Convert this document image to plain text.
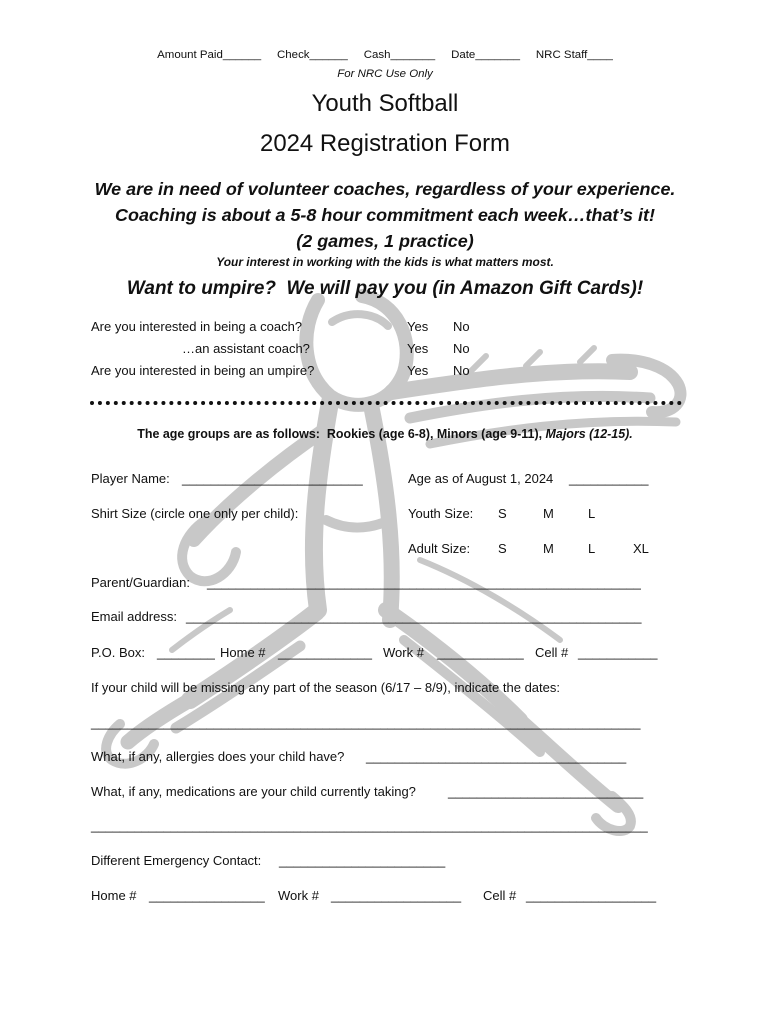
Amount Paid______     Check______     Cash_______     Date_______     NRC Staff____
For NRC Use Only
Youth Softball
2024 Registration Form
We are in need of volunteer coaches, regardless of your experience.
Coaching is about a 5-8 hour commitment each week…that’s it!
(2 games, 1 practice)
Your interest in working with the kids is what matters most.
Want to umpire?  We will pay you (in Amazon Gift Cards)!
Are you interested in being a coach?	Yes No
…an assistant coach?	Yes No
Are you interested in being an umpire?	Yes No
The age groups are as follows:  Rookies (age 6-8), Minors (age 9-11), Majors (12-15).
Player Name: _________________________	Age as of August 1, 2024 ___________
Shirt Size (circle one only per child):	Youth Size: S	M	L
Adult Size: S	M	L	XL
Parent/Guardian: ____________________________________________________________
Email address: _______________________________________________________________
P.O. Box: ________ Home # _____________ Work # ____________ Cell # ___________
If your child will be missing any part of the season (6/17 – 8/9), indicate the dates:
____________________________________________________________________________
What, if any, allergies does your child have? ____________________________________
What, if any, medications are your child currently taking? ___________________________
_____________________________________________________________________________
Different Emergency Contact: _______________________
Home # ________________ Work # __________________ Cell # __________________
